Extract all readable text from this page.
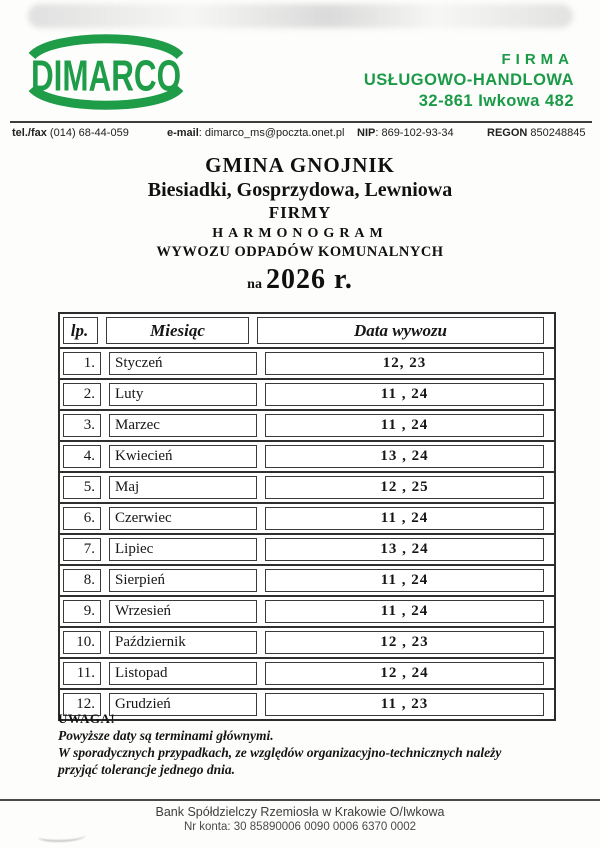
DIMARCO	FIRMA
USŁUGOWO-HANDLOWA
32-861 Iwkowa 482
tel./fax (014) 68-44-059	e-mail: dimarco_ms@poczta.onet.pl NIP: 869-102-93-34	REGON 850248845
GMINA GNOJNIK
Biesiadki, Gosprzydowa, Lewniowa
FIRMY
HARMONOGRAM
WYWOZU ODPADÓW KOMUNALNYCH
na 2026 r.
lp.	Miesiąc	Data wywozu
1.	Styczeń	12, 23
2.	Luty	11 , 24
3.	Marzec	11 , 24
4.	Kwiecień	13 , 24
5.	Maj	12 , 25
6.	Czerwiec	11 , 24
7.	Lipiec	13 , 24
8.	Sierpień	11 , 24
9.	Wrzesień	11 , 24
10.	Październik	12 , 23
11.	Listopad	12 , 24
12.	Grudzień	11 , 23
UWAGA!
Powyższe daty są terminami głównymi.
W sporadycznych przypadkach, ze względów organizacyjno-technicznych należy przyjąć tolerancje jednego dnia.
Bank Spółdzielczy Rzemiosła w Krakowie O/Iwkowa
Nr konta: 30 85890006 0090 0006 6370 0002
